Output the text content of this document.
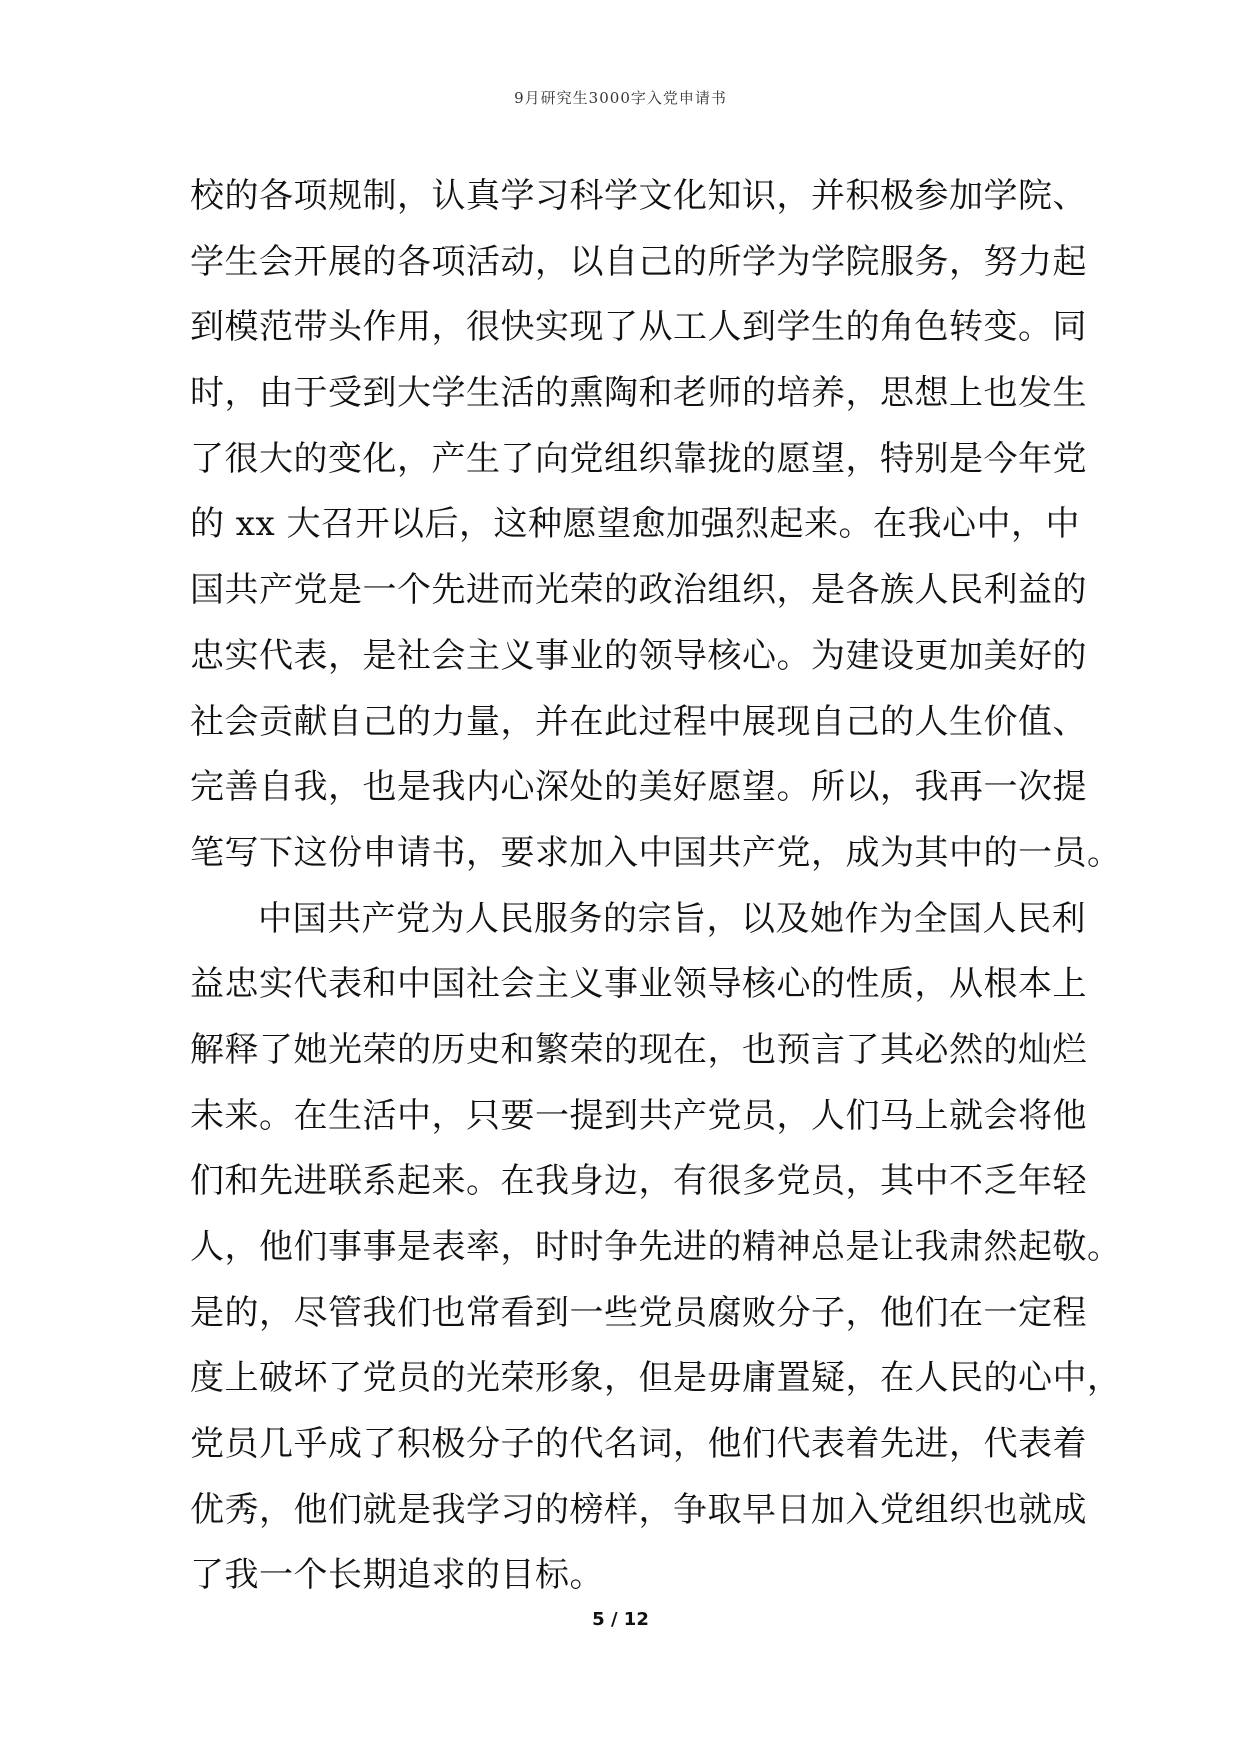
9月研究生3000字入党申请书
校的各项规制，认真学习科学文化知识，并积极参加学院、
学生会开展的各项活动，以自己的所学为学院服务，努力起
到模范带头作用，很快实现了从工人到学生的角色转变。同
时，由于受到大学生活的熏陶和老师的培养，思想上也发生
了很大的变化，产生了向党组织靠拢的愿望，特别是今年党
的 xx 大召开以后，这种愿望愈加强烈起来。在我心中，中
国共产党是一个先进而光荣的政治组织，是各族人民利益的
忠实代表，是社会主义事业的领导核心。为建设更加美好的
社会贡献自己的力量，并在此过程中展现自己的人生价值、
完善自我，也是我内心深处的美好愿望。所以，我再一次提
笔写下这份申请书，要求加入中国共产党，成为其中的一员。
中国共产党为人民服务的宗旨，以及她作为全国人民利
益忠实代表和中国社会主义事业领导核心的性质，从根本上
解释了她光荣的历史和繁荣的现在，也预言了其必然的灿烂
未来。在生活中，只要一提到共产党员，人们马上就会将他
们和先进联系起来。在我身边，有很多党员，其中不乏年轻
人，他们事事是表率，时时争先进的精神总是让我肃然起敬。
是的，尽管我们也常看到一些党员腐败分子，他们在一定程
度上破坏了党员的光荣形象，但是毋庸置疑，在人民的心中，
党员几乎成了积极分子的代名词，他们代表着先进，代表着
优秀，他们就是我学习的榜样，争取早日加入党组织也就成
了我一个长期追求的目标。
5 / 12
